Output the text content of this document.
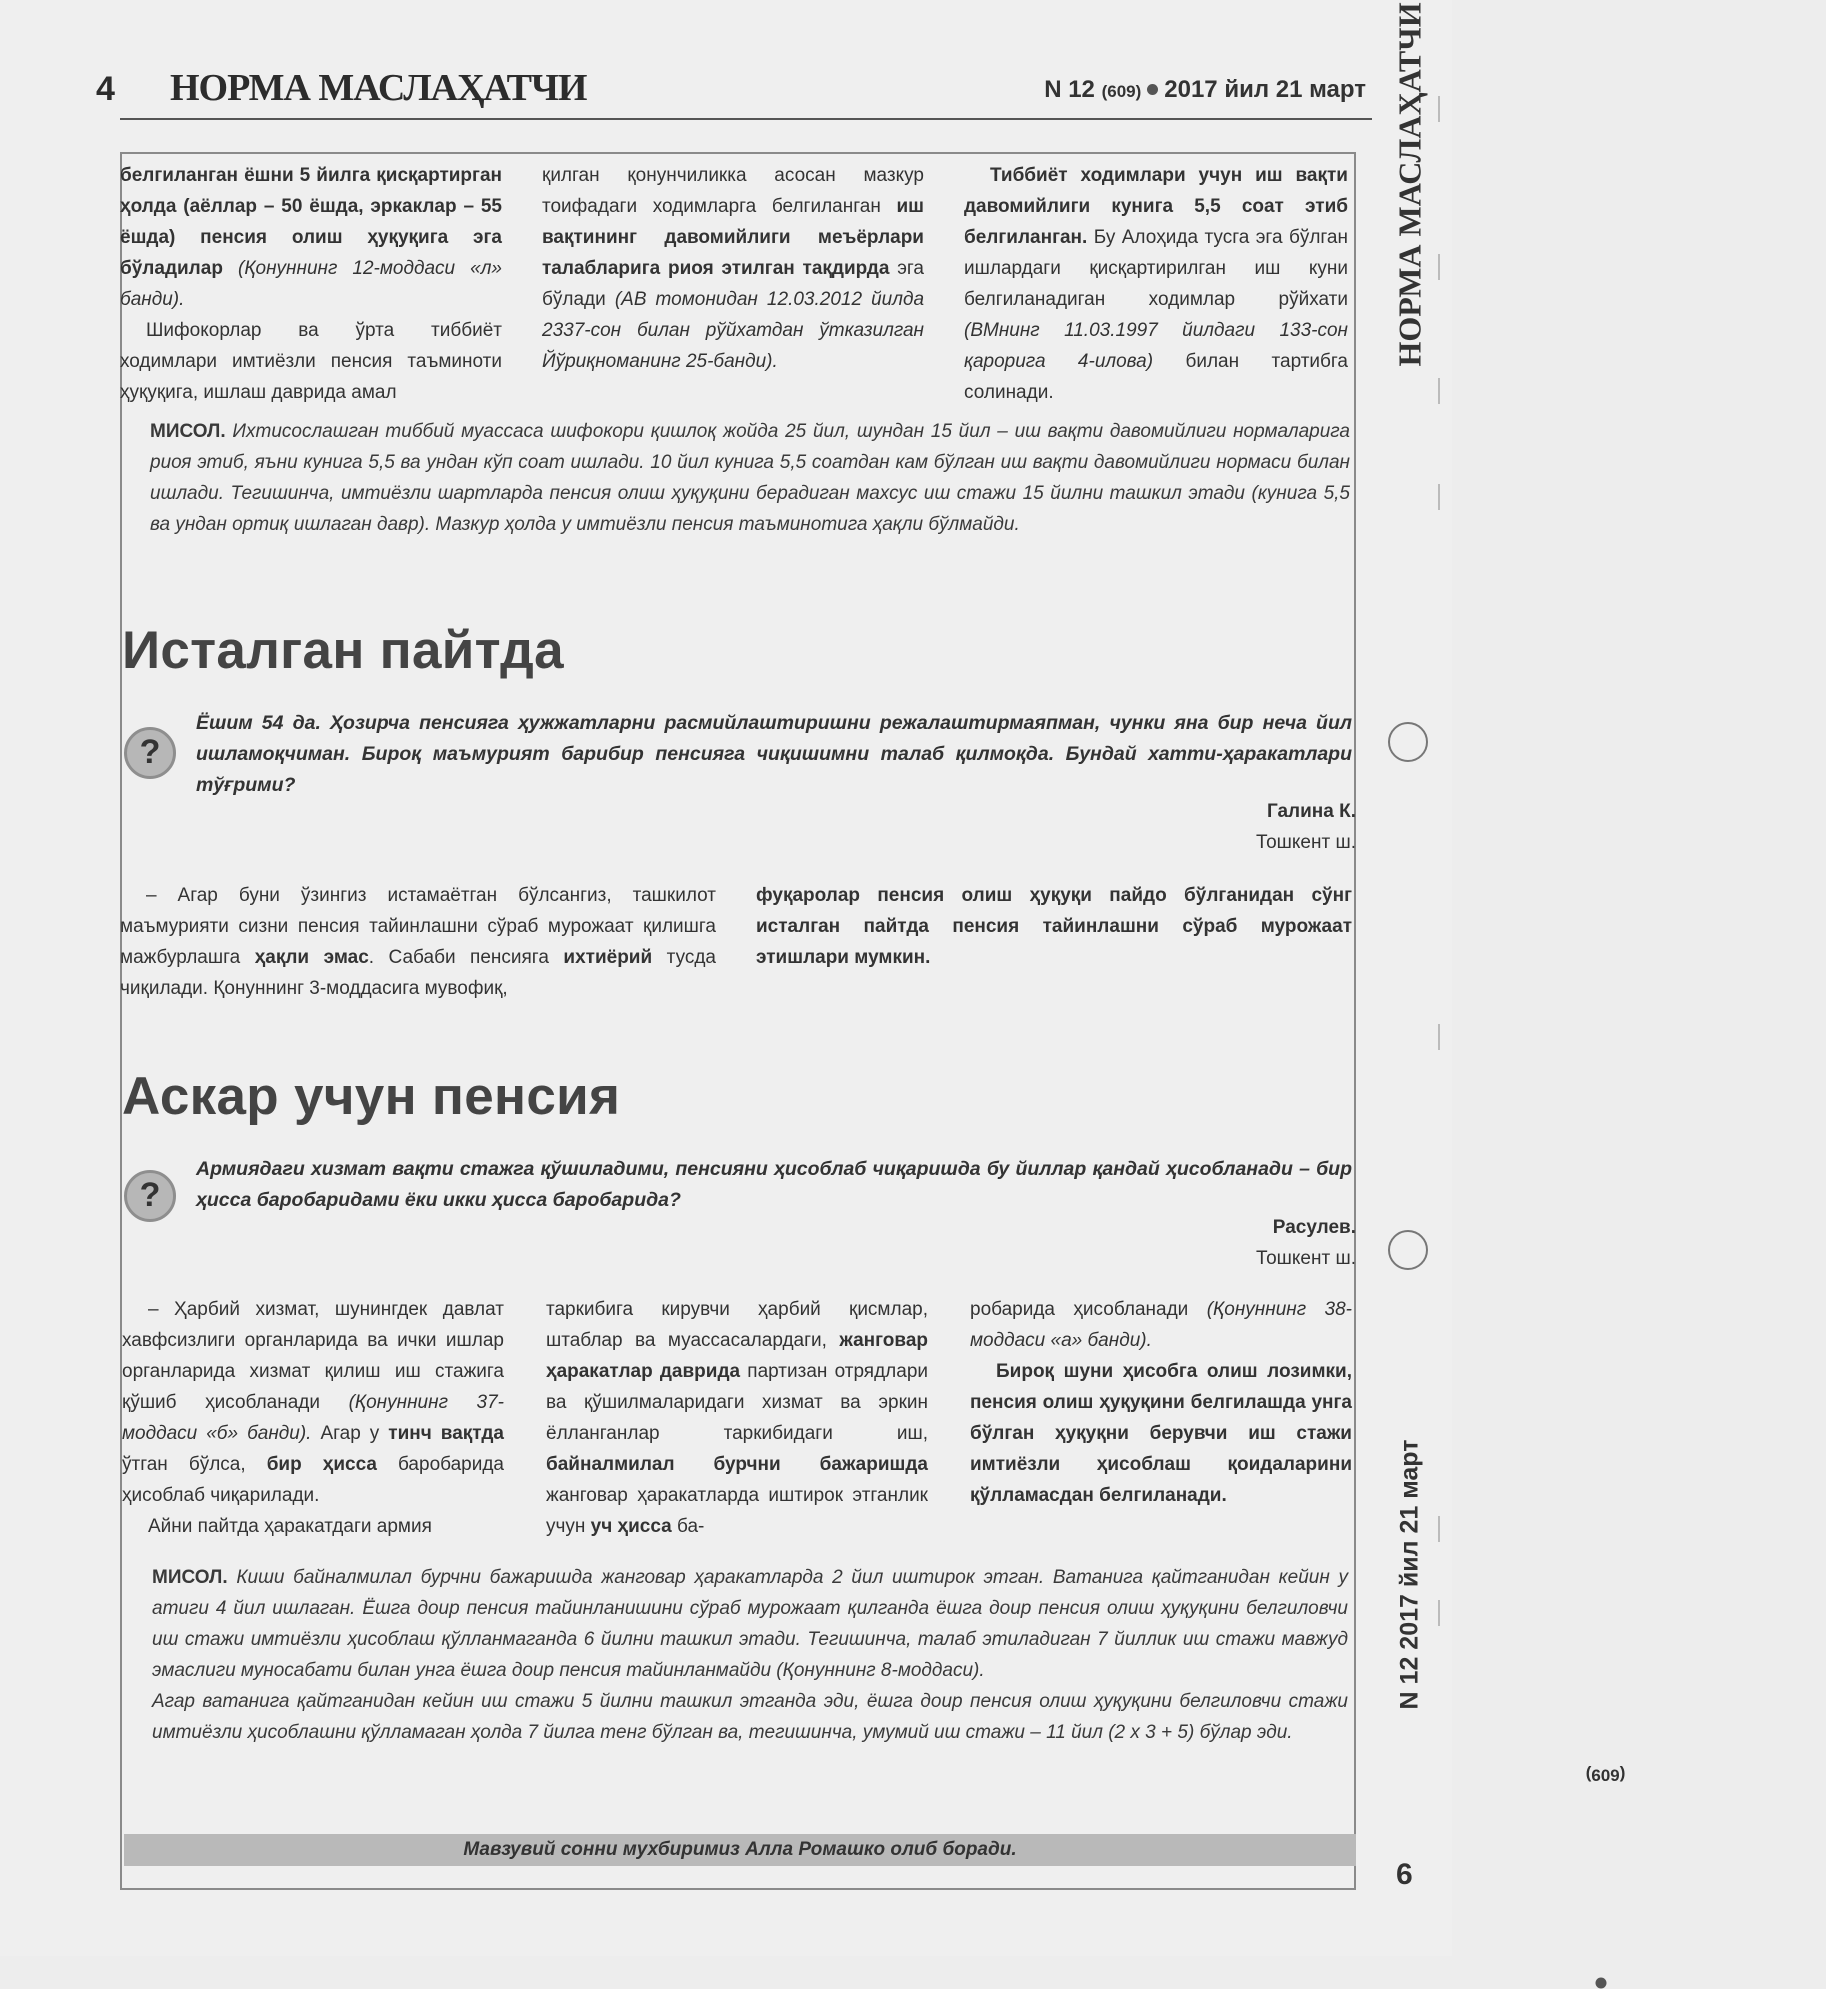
4 НОРМА МАСЛАҲАТЧИ	N 12 (609) 2017 йил 21 март НОРМА МАСЛАҲАТЧИ
N 12
(609)
2017 йил 21 март
6

белгиланган ёшни 5 йилга қисқартирган ҳолда (аёллар – 50 ёшда, эркаклар – 55 ёшда) пенсия олиш ҳуқуқига эга бўладилар (Қонуннинг 12-моддаси «л» банди).

Шифокорлар ва ўрта тиббиёт ходимлари имтиёзли пенсия таъминоти ҳуқуқига, ишлаш даврида амал

қилган қонунчиликка асосан мазкур тоифадаги ходимларга белгиланган иш вақтининг давомийлиги меъёрлари талабларига риоя этилган тақдирда эга бўлади (АВ томонидан 12.03.2012 йилда 2337-сон билан рўйхатдан ўтказилган Йўриқноманинг 25-банди).

Тиббиёт ходимлари учун иш вақти давомийлиги кунига 5,5 соат этиб белгиланган. Бу Алоҳида тусга эга бўлган ишлардаги қисқартирилган иш куни белгиланадиган ходимлар рўйхати (ВМнинг 11.03.1997 йилдаги 133-сон қарорига 4-илова) билан тартибга солинади.

МИСОЛ. Ихтисослашган тиббий муассаса шифокори қишлоқ жойда 25 йил, шундан 15 йил – иш вақти давомийлиги нормаларига риоя этиб, яъни кунига 5,5 ва ундан кўп соат ишлади. 10 йил кунига 5,5 соатдан кам бўлган иш вақти давомийлиги нормаси билан ишлади. Тегишинча, имтиёзли шартларда пенсия олиш ҳуқуқини берадиган махсус иш стажи 15 йилни ташкил этади (кунига 5,5 ва ундан ортиқ ишлаган давр). Мазкур ҳолда у имтиёзли пенсия таъминотига ҳақли бўлмайди.

Исталган пайтда
?
Ёшим 54 да. Ҳозирча пенсияга ҳужжатларни расмийлаштиришни режалаштирмаяпман, чунки яна бир неча йил ишламоқчиман. Бироқ маъмурият барибир пенсияга чиқишимни талаб қилмоқда. Бундай хатти-ҳаракатлари тўғрими?
Галина К.
Тошкент ш.

– Агар буни ўзингиз истамаётган бўлсангиз, ташкилот маъмурияти сизни пенсия тайинлашни сўраб мурожаат қилишга мажбурлашга ҳақли эмас. Сабаби пенсияга ихтиёрий тусда чиқилади. Қонуннинг 3-моддасига мувофиқ,

фуқаролар пенсия олиш ҳуқуқи пайдо бўлганидан сўнг исталган пайтда пенсия тайинлашни сўраб мурожаат этишлари мумкин.

Аскар учун пенсия
?
Армиядаги хизмат вақти стажга қўшиладими, пенсияни ҳисоблаб чиқаришда бу йиллар қандай ҳисобланади – бир ҳисса баробаридами ёки икки ҳисса баробарида?
Расулев.
Тошкент ш.

– Ҳарбий хизмат, шунингдек давлат хавфсизлиги органларида ва ички ишлар органларида хизмат қилиш иш стажига қўшиб ҳисобланади (Қонуннинг 37-моддаси «б» банди). Агар у тинч вақтда ўтган бўлса, бир ҳисса баробарида ҳисоблаб чиқарилади.

Айни пайтда ҳаракатдаги армия

таркибига кирувчи ҳарбий қисмлар, штаблар ва муассасалардаги, жанговар ҳаракатлар даврида партизан отрядлари ва қўшилмаларидаги хизмат ва эркин ёлланганлар таркибидаги иш, байналмилал бурчни бажаришда жанговар ҳаракатларда иштирок этганлик учун уч ҳисса ба-

робарида ҳисобланади (Қонуннинг 38-моддаси «а» банди).

Бироқ шуни ҳисобга олиш лозимки, пенсия олиш ҳуқуқини белгилашда унга бўлган ҳуқуқни берувчи иш стажи имтиёзли ҳисоблаш қоидаларини қўлламасдан белгиланади.

МИСОЛ. Киши байналмилал бурчни бажаришда жанговар ҳаракатларда 2 йил иштирок этган. Ватанига қайтганидан кейин у атиги 4 йил ишлаган. Ёшга доир пенсия тайинланишини сўраб мурожаат қилганда ёшга доир пенсия олиш ҳуқуқини белгиловчи иш стажи имтиёзли ҳисоблаш қўлланмаганда 6 йилни ташкил этади. Тегишинча, талаб этиладиган 7 йиллик иш стажи мавжуд эмаслиги муносабати билан унга ёшга доир пенсия тайинланмайди (Қонуннинг 8-моддаси).

Агар ватанига қайтганидан кейин иш стажи 5 йилни ташкил этганда эди, ёшга доир пенсия олиш ҳуқуқини белгиловчи стажи имтиёзли ҳисоблашни қўлламаган ҳолда 7 йилга тенг бўлган ва, тегишинча, умумий иш стажи – 11 йил (2 х 3 + 5) бўлар эди.

Мавзувий сонни мухбиримиз Алла Ромашко олиб боради.
